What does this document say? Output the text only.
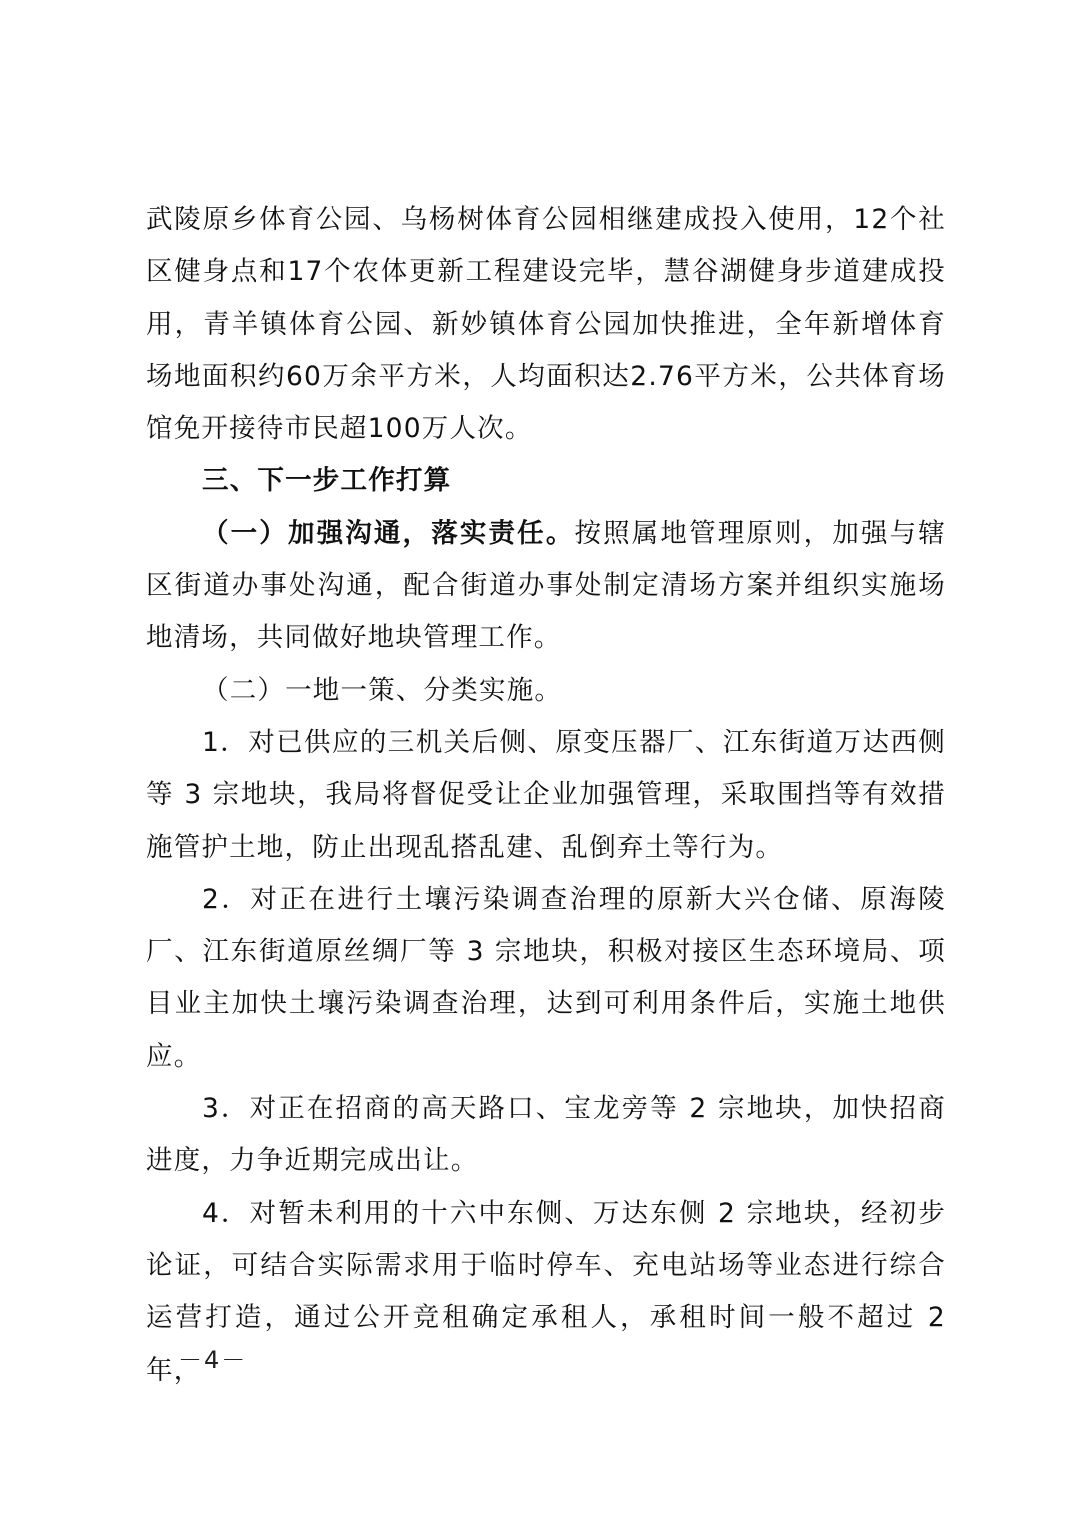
武陵原乡体育公园、乌杨树体育公园相继建成投入使用，12个社区健身点和17个农体更新工程建设完毕，慧谷湖健身步道建成投用，青羊镇体育公园、新妙镇体育公园加快推进，全年新增体育场地面积约60万余平方米，人均面积达2.76平方米，公共体育场馆免开接待市民超100万人次。

三、下一步工作打算

（一）加强沟通，落实责任。按照属地管理原则，加强与辖区街道办事处沟通，配合街道办事处制定清场方案并组织实施场地清场，共同做好地块管理工作。

（二）一地一策、分类实施。

1．对已供应的三机关后侧、原变压器厂、江东街道万达西侧等 3 宗地块，我局将督促受让企业加强管理，采取围挡等有效措施管护土地，防止出现乱搭乱建、乱倒弃土等行为。

2．对正在进行土壤污染调查治理的原新大兴仓储、原海陵厂、江东街道原丝绸厂等 3 宗地块，积极对接区生态环境局、项目业主加快土壤污染调查治理，达到可利用条件后，实施土地供应。

3．对正在招商的高天路口、宝龙旁等 2 宗地块，加快招商进度，力争近期完成出让。

4．对暂未利用的十六中东侧、万达东侧 2 宗地块，经初步论证，可结合实际需求用于临时停车、充电站场等业态进行综合运营打造，通过公开竞租确定承租人，承租时间一般不超过 2 年，

－4－
